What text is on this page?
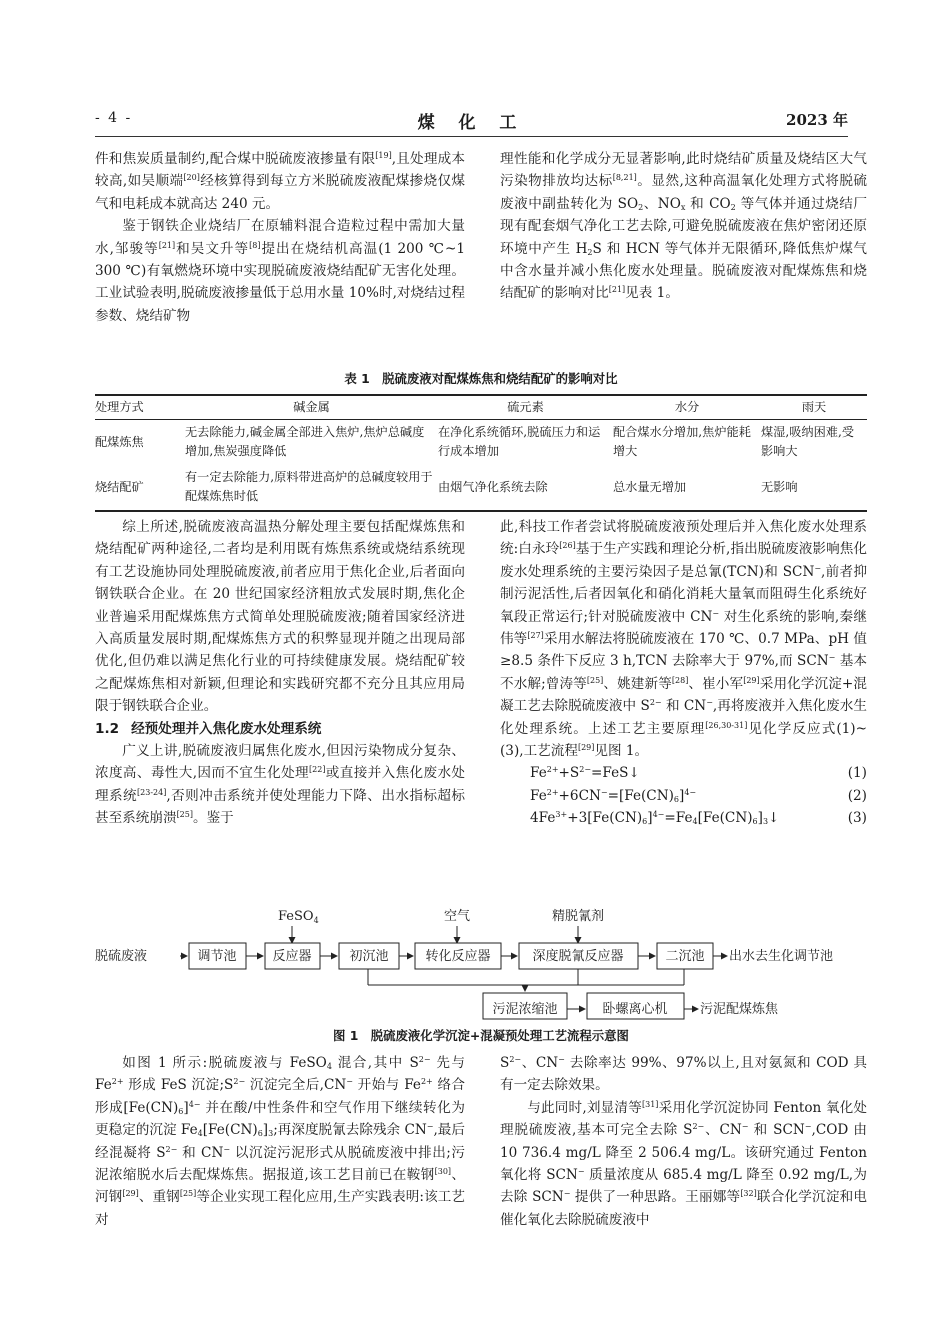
- 4 -	煤 化 工	2023 年

件和焦炭质量制约,配合煤中脱硫废液掺量有限[19],且处理成本较高,如吴顺端[20]经核算得到每立方米脱硫废液配煤掺烧仅煤气和电耗成本就高达 240 元。

鉴于钢铁企业烧结厂在原辅料混合造粒过程中需加大量水,邹骏等[21]和吴文升等[8]提出在烧结机高温(1 200 ℃~1 300 ℃)有氧燃烧环境中实现脱硫废液烧结配矿无害化处理。工业试验表明,脱硫废液掺量低于总用水量 10%时,对烧结过程参数、烧结矿物

理性能和化学成分无显著影响,此时烧结矿质量及烧结区大气污染物排放均达标[8,21]。显然,这种高温氧化处理方式将脱硫废液中副盐转化为 $SO_2$、$NO_x$ 和 $CO_2$ 等气体并通过烧结厂现有配套烟气净化工艺去除,可避免脱硫废液在焦炉密闭还原环境中产生 $H_2S$ 和 HCN 等气体并无限循环,降低焦炉煤气中含水量并减小焦化废水处理量。脱硫废液对配煤炼焦和烧结配矿的影响对比[21]见表 1。

表 1　脱硫废液对配煤炼焦和烧结配矿的影响对比
处理方式	碱金属	硫元素	水分	雨天
配煤炼焦	无去除能力,碱金属全部进入焦炉,焦炉总碱度增加,焦炭强度降低	在净化系统循环,脱硫压力和运行成本增加	配合煤水分增加,焦炉能耗增大	煤湿,吸纳困难,受影响大
烧结配矿	有一定去除能力,原料带进高炉的总碱度较用于配煤炼焦时低	由烟气净化系统去除	总水量无增加	无影响

综上所述,脱硫废液高温热分解处理主要包括配煤炼焦和烧结配矿两种途径,二者均是利用既有炼焦系统或烧结系统现有工艺设施协同处理脱硫废液,前者应用于焦化企业,后者面向钢铁联合企业。在 20 世纪国家经济粗放式发展时期,焦化企业普遍采用配煤炼焦方式简单处理脱硫废液;随着国家经济进入高质量发展时期,配煤炼焦方式的积弊显现并随之出现局部优化,但仍难以满足焦化行业的可持续健康发展。烧结配矿较之配煤炼焦相对新颖,但理论和实践研究都不充分且其应用局限于钢铁联合企业。

1.2 经预处理并入焦化废水处理系统

广义上讲,脱硫废液归属焦化废水,但因污染物成分复杂、浓度高、毒性大,因而不宜生化处理[22]或直接并入焦化废水处理系统[23-24],否则冲击系统并使处理能力下降、出水指标超标甚至系统崩溃[25]。鉴于

此,科技工作者尝试将脱硫废液预处理后并入焦化废水处理系统:白永玲[26]基于生产实践和理论分析,指出脱硫废液影响焦化废水处理系统的主要污染因子是总氰(TCN)和 SCN−,前者抑制污泥活性,后者因氧化和硝化消耗大量氧而阻碍生化系统好氧段正常运行;针对脱硫废液中 CN− 对生化系统的影响,秦继伟等[27]采用水解法将脱硫废液在 170 ℃、0.7 MPa、pH 值≥8.5 条件下反应 3 h,TCN 去除率大于 97%,而 SCN− 基本不水解;曾涛等[25]、姚建新等[28]、崔小军[29]采用化学沉淀+混凝工艺去除脱硫废液中 $S^{2-}$ 和 CN−,再将废液并入焦化废水生化处理系统。上述工艺主要原理[26,30-31]见化学反应式(1)~(3),工艺流程[29]见图 1。

$Fe^{2+}+S^{2-}=FeS↓$	(1)
$Fe^{2+}+6CN^-=[Fe(CN)_6]^{4-}$	(2)
$4Fe^{3+}+3[Fe(CN)_6]^{4-}=Fe_4[Fe(CN)_6]_3↓$	(3)
脱硫废液	调节池	反应器	初沉池	转化反应器	深度脱氰反应器	二沉池
污泥浓缩池	卧螺离心机
FeSO$_4$	空气	精脱氰剂
出水去生化调节池
污泥配煤炼焦
图 1　脱硫废液化学沉淀+混凝预处理工艺流程示意图

如图 1 所示:脱硫废液与 FeSO$_4$ 混合,其中 $S^{2-}$ 先与 $Fe^{2+}$ 形成 FeS 沉淀$;S^{2-}$ 沉淀完全后,CN− 开始与 $Fe^{2+}$ 络合形成$[Fe(CN)_6]^{4-}$ 并在酸/中性条件和空气作用下继续转化为更稳定的沉淀 $Fe_4[Fe(CN)_6]_3$;再深度脱氰去除残余 CN−,最后经混凝将 $S^{2-}$ 和 CN− 以沉淀污泥形式从脱硫废液中排出;污泥浓缩脱水后去配煤炼焦。据报道,该工艺目前已在鞍钢[30]、河钢[29]、重钢[25]等企业实现工程化应用,生产实践表明:该工艺对

$S^{2-}$、CN− 去除率达 99%、97%以上,且对氨氮和 COD 具有一定去除效果。

与此同时,刘显清等[31]采用化学沉淀协同 Fenton 氧化处理脱硫废液,基本可完全去除 $S^{2-}$、CN− 和 SCN−,COD 由 10 736.4 mg/L 降至 2 506.4 mg/L。该研究通过 Fenton 氧化将 SCN− 质量浓度从 685.4 mg/L 降至 0.92 mg/L,为去除 SCN− 提供了一种思路。王丽娜等[32]联合化学沉淀和电催化氧化去除脱硫废液中
